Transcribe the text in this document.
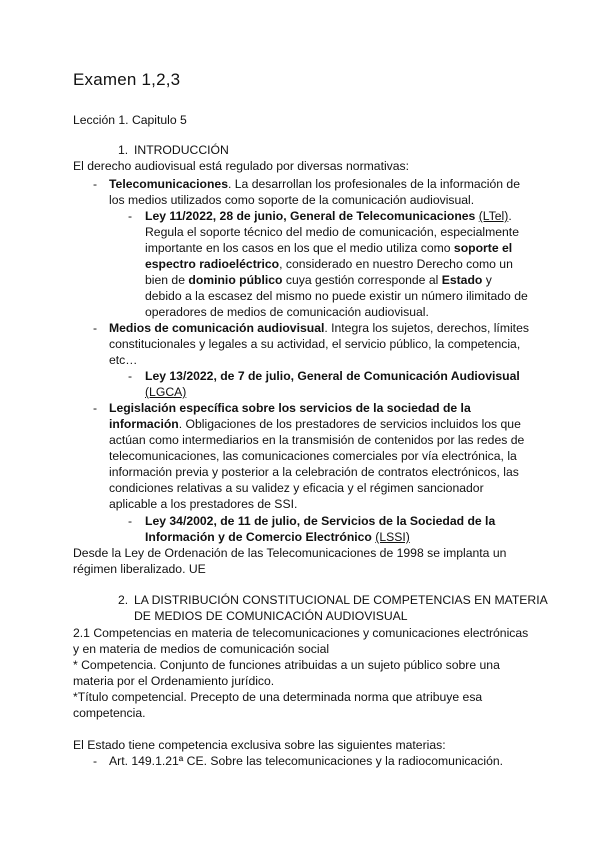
Examen 1,2,3
Lección 1. Capitulo 5
1. INTRODUCCIÓN
El derecho audiovisual está regulado por diversas normativas:
- Telecomunicaciones. La desarrollan los profesionales de la información de
los medios utilizados como soporte de la comunicación audiovisual.
- Ley 11/2022, 28 de junio, General de Telecomunicaciones (LTel).
Regula el soporte técnico del medio de comunicación, especialmente
importante en los casos en los que el medio utiliza como soporte el
espectro radioeléctrico, considerado en nuestro Derecho como un
bien de dominio público cuya gestión corresponde al Estado y
debido a la escasez del mismo no puede existir un número ilimitado de
operadores de medios de comunicación audiovisual.
- Medios de comunicación audiovisual. Integra los sujetos, derechos, límites
constitucionales y legales a su actividad, el servicio público, la competencia,
etc…
- Ley 13/2022, de 7 de julio, General de Comunicación Audiovisual
(LGCA)
- Legislación específica sobre los servicios de la sociedad de la
información. Obligaciones de los prestadores de servicios incluidos los que
actúan como intermediarios en la transmisión de contenidos por las redes de
telecomunicaciones, las comunicaciones comerciales por vía electrónica, la
información previa y posterior a la celebración de contratos electrónicos, las
condiciones relativas a su validez y eficacia y el régimen sancionador
aplicable a los prestadores de SSI.
- Ley 34/2002, de 11 de julio, de Servicios de la Sociedad de la
Información y de Comercio Electrónico (LSSI)
Desde la Ley de Ordenación de las Telecomunicaciones de 1998 se implanta un
régimen liberalizado. UE
2. LA DISTRIBUCIÓN CONSTITUCIONAL DE COMPETENCIAS EN MATERIA
DE MEDIOS DE COMUNICACIÓN AUDIOVISUAL
2.1 Competencias en materia de telecomunicaciones y comunicaciones electrónicas
y en materia de medios de comunicación social
* Competencia. Conjunto de funciones atribuidas a un sujeto público sobre una
materia por el Ordenamiento jurídico.
*Título competencial. Precepto de una determinada norma que atribuye esa
competencia.
El Estado tiene competencia exclusiva sobre las siguientes materias:
- Art. 149.1.21ª CE. Sobre las telecomunicaciones y la radiocomunicación.
